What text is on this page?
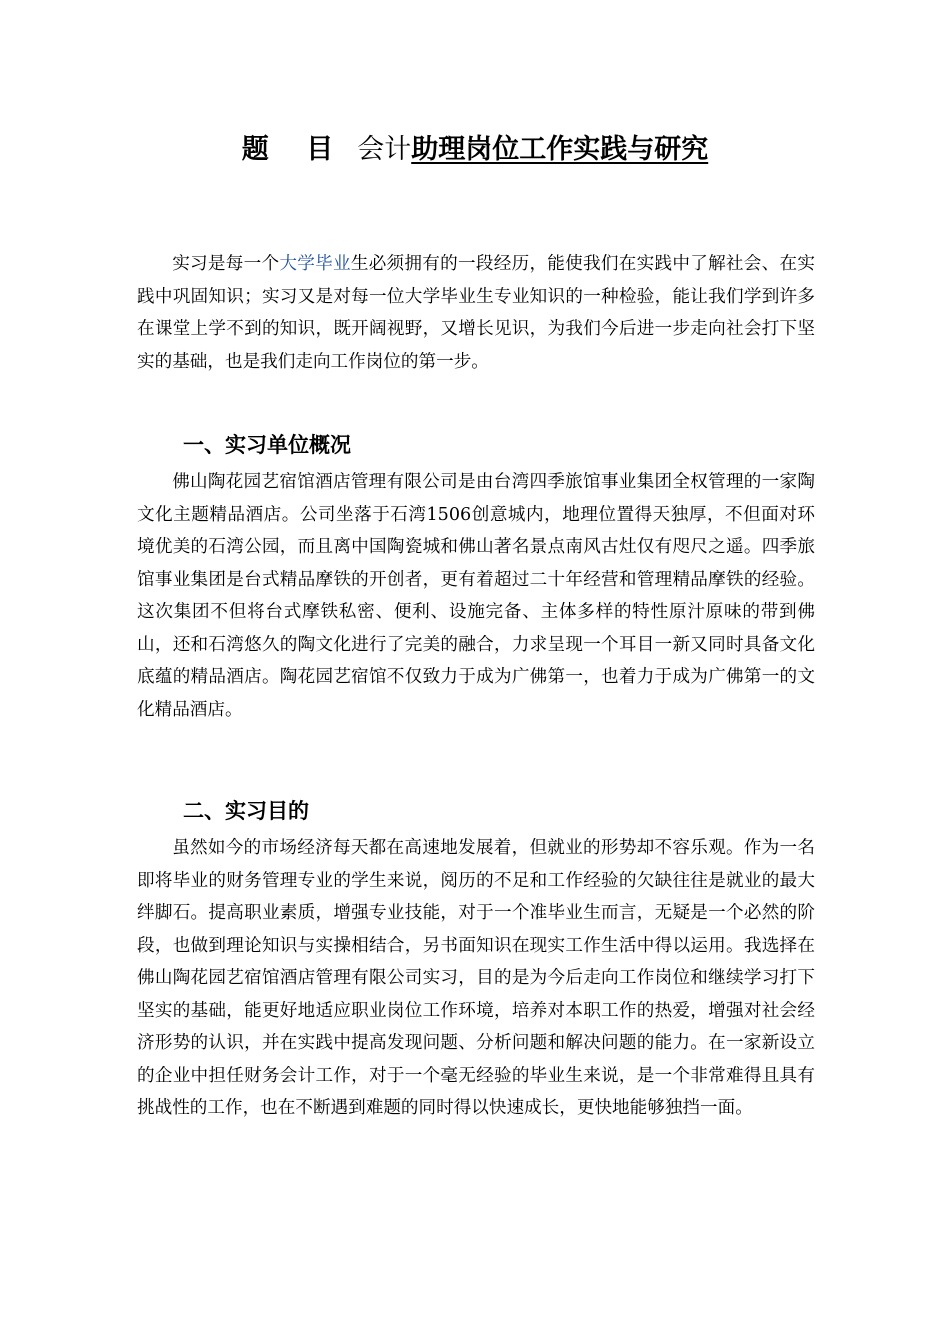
题 目 会计助理岗位工作实践与研究

实习是每一个大学毕业生必须拥有的一段经历，能使我们在实践中了解社会、在实践中巩固知识；实习又是对每一位大学毕业生专业知识的一种检验，能让我们学到许多在课堂上学不到的知识，既开阔视野，又增长见识，为我们今后进一步走向社会打下坚实的基础，也是我们走向工作岗位的第一步。

一、实习单位概况

佛山陶花园艺宿馆酒店管理有限公司是由台湾四季旅馆事业集团全权管理的一家陶文化主题精品酒店。公司坐落于石湾1506创意城内，地理位置得天独厚，不但面对环境优美的石湾公园，而且离中国陶瓷城和佛山著名景点南风古灶仅有咫尺之遥。四季旅馆事业集团是台式精品摩铁的开创者，更有着超过二十年经营和管理精品摩铁的经验。这次集团不但将台式摩铁私密、便利、设施完备、主体多样的特性原汁原味的带到佛山，还和石湾悠久的陶文化进行了完美的融合，力求呈现一个耳目一新又同时具备文化底蕴的精品酒店。陶花园艺宿馆不仅致力于成为广佛第一，也着力于成为广佛第一的文化精品酒店。

二、实习目的

虽然如今的市场经济每天都在高速地发展着，但就业的形势却不容乐观。作为一名即将毕业的财务管理专业的学生来说，阅历的不足和工作经验的欠缺往往是就业的最大绊脚石。提高职业素质，增强专业技能，对于一个准毕业生而言，无疑是一个必然的阶段，也做到理论知识与实操相结合，另书面知识在现实工作生活中得以运用。我选择在佛山陶花园艺宿馆酒店管理有限公司实习，目的是为今后走向工作岗位和继续学习打下坚实的基础，能更好地适应职业岗位工作环境，培养对本职工作的热爱，增强对社会经济形势的认识，并在实践中提高发现问题、分析问题和解决问题的能力。在一家新设立的企业中担任财务会计工作，对于一个毫无经验的毕业生来说，是一个非常难得且具有挑战性的工作，也在不断遇到难题的同时得以快速成长，更快地能够独挡一面。
